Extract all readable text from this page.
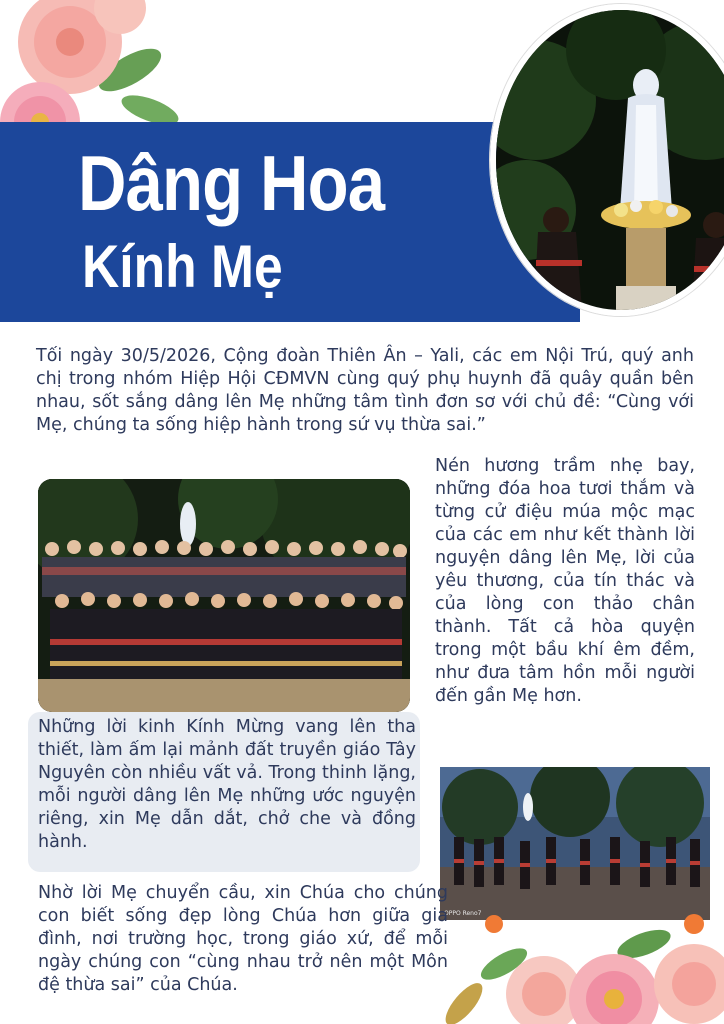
Dâng Hoa
Kính Mẹ

Tối ngày 30/5/2026, Cộng đoàn Thiên Ân – Yali, các em Nội Trú, quý anh chị trong nhóm Hiệp Hội CĐMVN cùng quý phụ huynh đã quây quần bên nhau, sốt sắng dâng lên Mẹ những tâm tình đơn sơ với chủ đề: “Cùng với Mẹ, chúng ta sống hiệp hành trong sứ vụ thừa sai.”

Nén hương trầm nhẹ bay, những đóa hoa tươi thắm và từng cử điệu múa mộc mạc của các em như kết thành lời nguyện dâng lên Mẹ, lời của yêu thương, của tín thác và của lòng con thảo chân thành. Tất cả hòa quyện trong một bầu khí êm đềm, như đưa tâm hồn mỗi người đến gần Mẹ hơn.

Những lời kinh Kính Mừng vang lên tha thiết, làm ấm lại mảnh đất truyền giáo Tây Nguyên còn nhiều vất vả. Trong thinh lặng, mỗi người dâng lên Mẹ những ước nguyện riêng, xin Mẹ dẫn dắt, chở che và đồng hành.

OPPO Reno7

Nhờ lời Mẹ chuyển cầu, xin Chúa cho chúng con biết sống đẹp lòng Chúa hơn giữa gia đình, nơi trường học, trong giáo xứ, để mỗi ngày chúng con “cùng nhau trở nên một Môn đệ thừa sai” của Chúa.
